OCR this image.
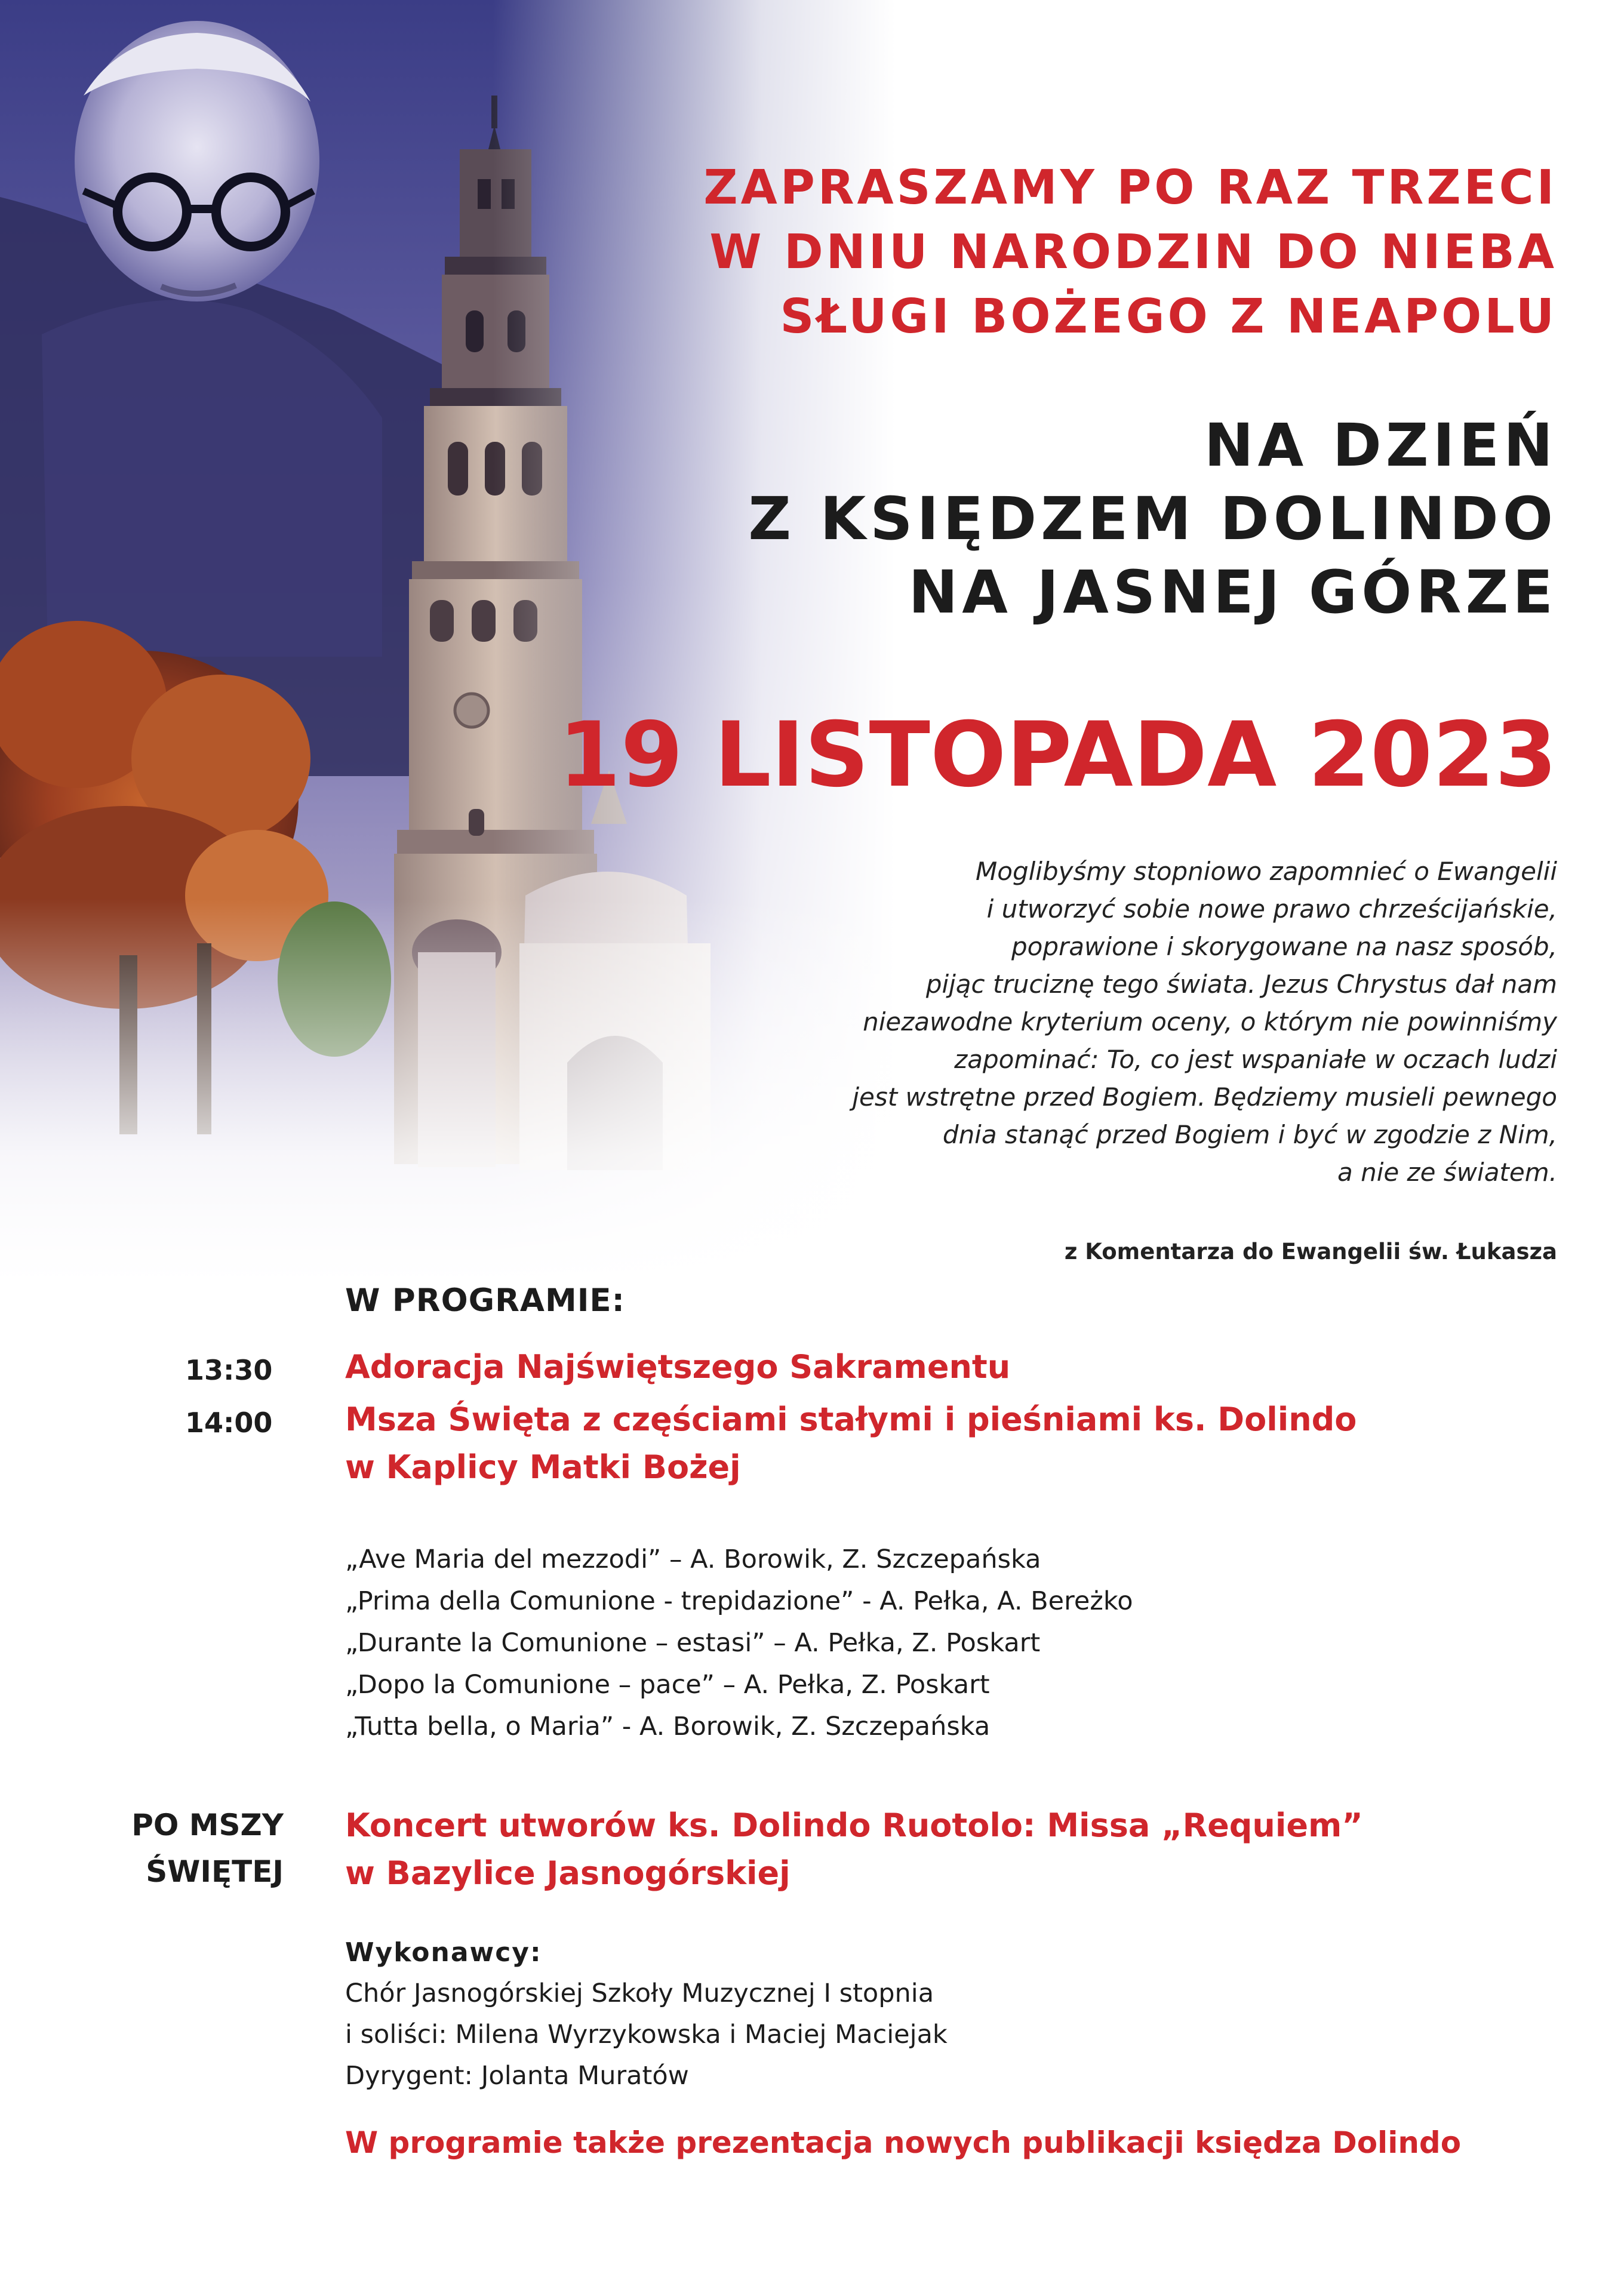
ZAPRASZAMY PO RAZ TRZECI
W DNIU NARODZIN DO NIEBA
SŁUGI BOŻEGO Z NEAPOLU
NA DZIEŃ
Z KSIĘDZEM DOLINDO
NA JASNEJ GÓRZE
19 LISTOPADA 2023
Moglibyśmy stopniowo zapomnieć o Ewangelii
i utworzyć sobie nowe prawo chrześcijańskie,
poprawione i skorygowane na nasz sposób,
pijąc truciznę tego świata. Jezus Chrystus dał nam
niezawodne kryterium oceny, o którym nie powinniśmy
zapominać: To, co jest wspaniałe w oczach ludzi
jest wstrętne przed Bogiem. Będziemy musieli pewnego
dnia stanąć przed Bogiem i być w zgodzie z Nim,
a nie ze światem.
z Komentarza do Ewangelii św. Łukasza
W PROGRAMIE:
13:30 Adoracja Najświętszego Sakramentu
14:00 Msza Święta z częściami stałymi i pieśniami ks. Dolindo
w Kaplicy Matki Bożej
„Ave Maria del mezzodi” – A. Borowik, Z. Szczepańska
„Prima della Comunione - trepidazione” - A. Pełka, A. Bereżko
„Durante la Comunione – estasi” – A. Pełka, Z. Poskart
„Dopo la Comunione – pace” – A. Pełka, Z. Poskart
„Tutta bella, o Maria” - A. Borowik, Z. Szczepańska
PO MSZY
ŚWIĘTEJ
Koncert utworów ks. Dolindo Ruotolo: Missa „Requiem”
w Bazylice Jasnogórskiej
Wykonawcy:
Chór Jasnogórskiej Szkoły Muzycznej I stopnia
i soliści: Milena Wyrzykowska i Maciej Maciejak
Dyrygent: Jolanta Muratów
W programie także prezentacja nowych publikacji księdza Dolindo
